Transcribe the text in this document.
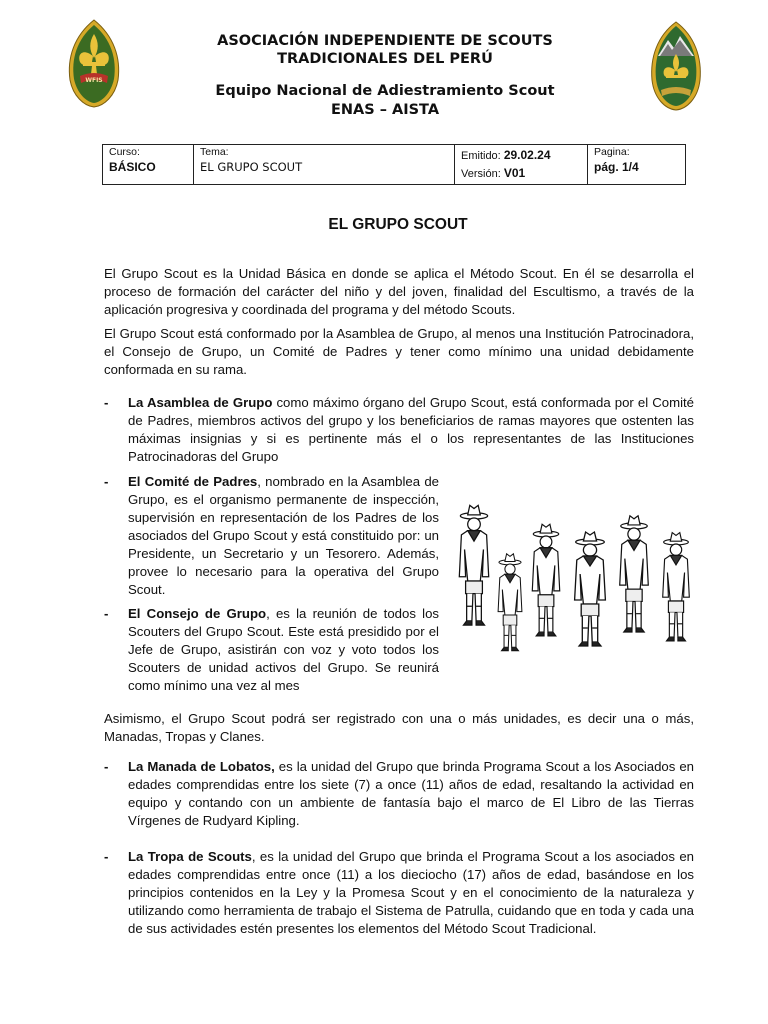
WFIS
ASOCIACIÓN INDEPENDIENTE DE SCOUTS
TRADICIONALES DEL PERÚ
Equipo Nacional de Adiestramiento Scout
ENAS – AISTA
Curso:
BÁSICO

Tema:
EL GRUPO SCOUT

Emitido: 29.02.24
Versión: V01

Pagina:
pág. 1/4
EL GRUPO SCOUT
El Grupo Scout es la Unidad Básica en donde se aplica el Método Scout. En él se desarrolla el proceso de formación del carácter del niño y del joven, finalidad del Escultismo, a través de la aplicación progresiva y coordinada del programa y del método Scouts.
El Grupo Scout está conformado por la Asamblea de Grupo, al menos una Institución Patrocinadora, el Consejo de Grupo, un Comité de Padres y tener como mínimo una unidad debidamente conformada en su rama.
- La Asamblea de Grupo como máximo órgano del Grupo Scout, está conformada por el Comité de Padres, miembros activos del grupo y los beneficiarios de ramas mayores que ostenten las máximas insignias y si es pertinente más el o los representantes de las Instituciones Patrocinadoras del Grupo
- El Comité de Padres, nombrado en la Asamblea de Grupo, es el organismo permanente de inspección, supervisión en representación de los Padres de los asociados del Grupo Scout y está constituido por: un Presidente, un Secretario y un Tesorero. Además, provee lo necesario para la operativa del Grupo Scout.
- El Consejo de Grupo, es la reunión de todos los Scouters del Grupo Scout. Este está presidido por el Jefe de Grupo, asistirán con voz y voto todos los Scouters de unidad activos del Grupo. Se reunirá como mínimo una vez al mes
Asimismo, el Grupo Scout podrá ser registrado con una o más unidades, es decir una o más, Manadas, Tropas y Clanes.
- La Manada de Lobatos, es la unidad del Grupo que brinda Programa Scout a los Asociados en edades comprendidas entre los siete (7) a once (11) años de edad, resaltando la actividad en equipo y contando con un ambiente de fantasía bajo el marco de El Libro de las Tierras Vírgenes de Rudyard Kipling.
- La Tropa de Scouts, es la unidad del Grupo que brinda el Programa Scout a los asociados en edades comprendidas entre once (11) a los dieciocho (17) años de edad, basándose en los principios contenidos en la Ley y la Promesa Scout y en el conocimiento de la naturaleza y utilizando como herramienta de trabajo el Sistema de Patrulla, cuidando que en toda y cada una de sus actividades estén presentes los elementos del Método Scout Tradicional.
